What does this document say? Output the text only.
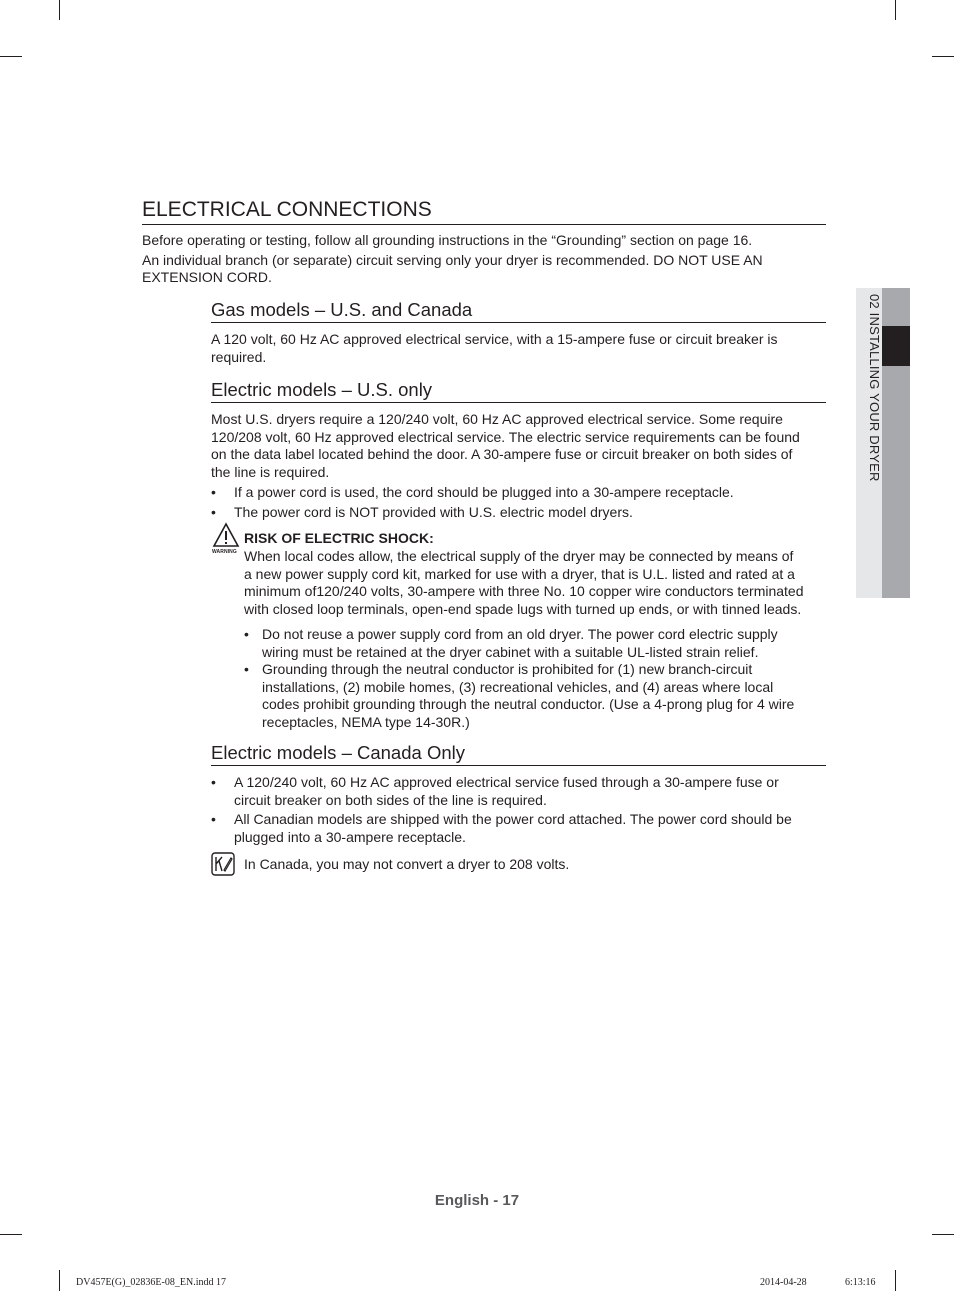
02 INSTALLING YOUR DRYER
ELECTRICAL CONNECTIONS
Before operating or testing, follow all grounding instructions in the “Grounding” section on page 16.
An individual branch (or separate) circuit serving only your dryer is recommended. DO NOT USE AN
EXTENSION CORD.
Gas models – U.S. and Canada
A 120 volt, 60 Hz AC approved electrical service, with a 15-ampere fuse or circuit breaker is
required.
Electric models – U.S. only
Most U.S. dryers require a 120/240 volt, 60 Hz AC approved electrical service. Some require
120/208 volt, 60 Hz approved electrical service. The electric service requirements can be found
on the data label located behind the door. A 30-ampere fuse or circuit breaker on both sides of
the line is required.
• If a power cord is used, the cord should be plugged into a 30-ampere receptacle.
• The power cord is NOT provided with U.S. electric model dryers.
WARNING
RISK OF ELECTRIC SHOCK:
When local codes allow, the electrical supply of the dryer may be connected by means of
a new power supply cord kit, marked for use with a dryer, that is U.L. listed and rated at a
minimum of120/240 volts, 30-ampere with three No. 10 copper wire conductors terminated
with closed loop terminals, open-end spade lugs with turned up ends, or with tinned leads.
• Do not reuse a power supply cord from an old dryer. The power cord electric supply
wiring must be retained at the dryer cabinet with a suitable UL-listed strain relief.
• Grounding through the neutral conductor is prohibited for (1) new branch-circuit
installations, (2) mobile homes, (3) recreational vehicles, and (4) areas where local
codes prohibit grounding through the neutral conductor. (Use a 4-prong plug for 4 wire
receptacles, NEMA type 14-30R.)
Electric models – Canada Only
• A 120/240 volt, 60 Hz AC approved electrical service fused through a 30-ampere fuse or
circuit breaker on both sides of the line is required.
• All Canadian models are shipped with the power cord attached. The power cord should be
plugged into a 30-ampere receptacle.
In Canada, you may not convert a dryer to 208 volts.
English - 17
DV457E(G)_02836E-08_EN.indd 17	2014-04-28	6:13:16
